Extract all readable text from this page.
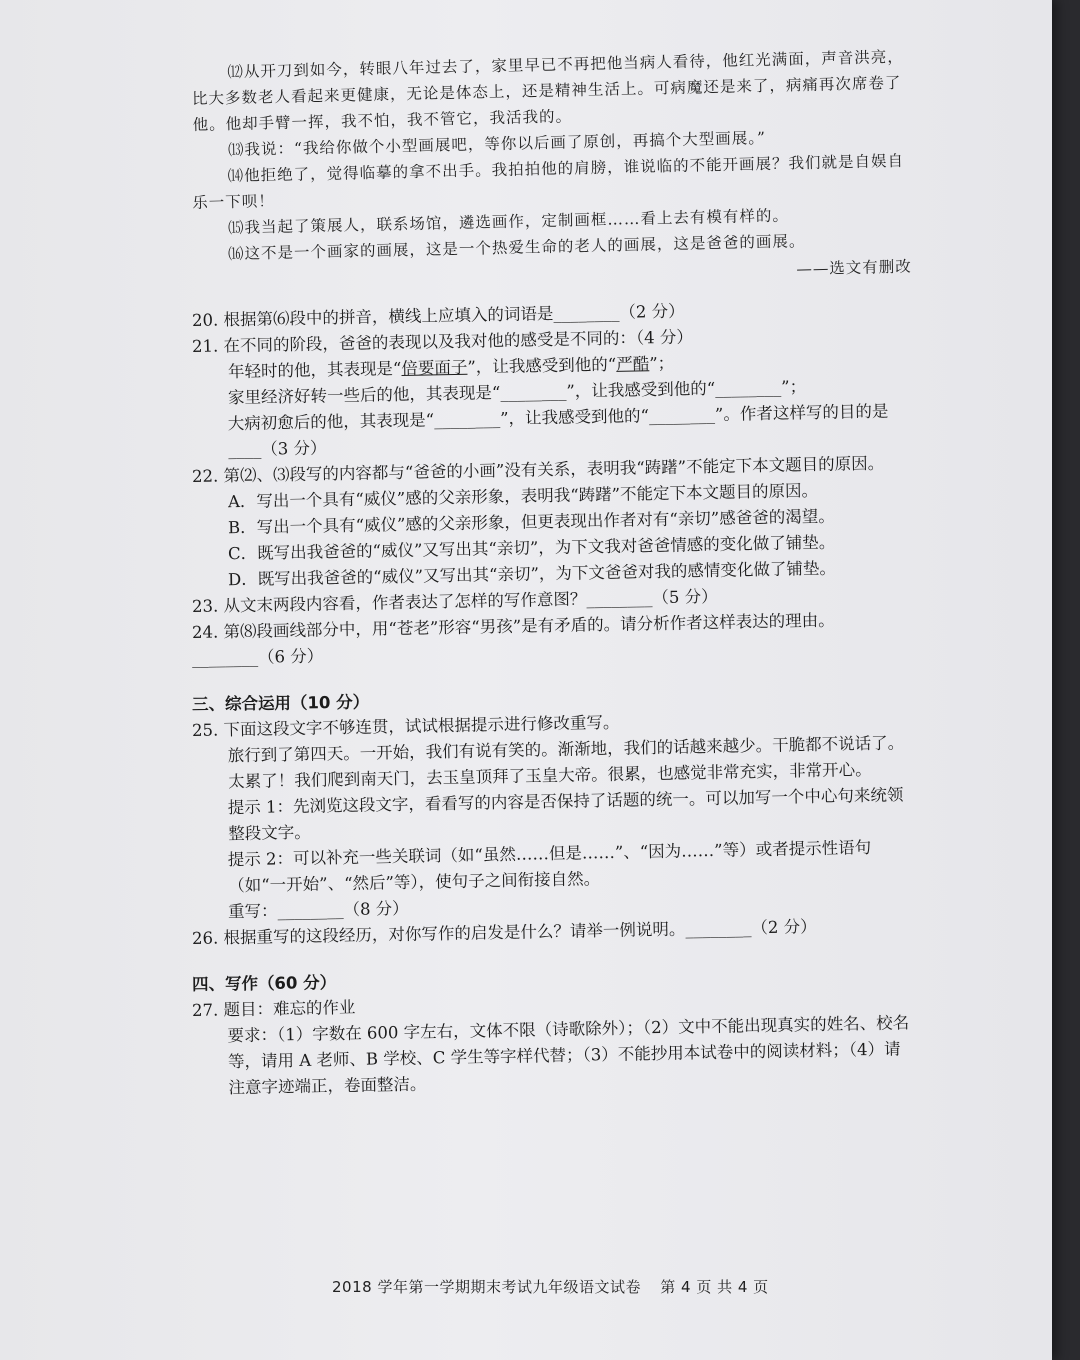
⑿从开刀到如今，转眼八年过去了，家里早已不再把他当病人看待，他红光满面，声音洪亮，比大多数老人看起来更健康，无论是体态上，还是精神生活上。可病魔还是来了，病痛再次席卷了他。他却手臂一挥，我不怕，我不管它，我活我的。

⒀我说：“我给你做个小型画展吧，等你以后画了原创，再搞个大型画展。”

⒁他拒绝了，觉得临摹的拿不出手。我拍拍他的肩膀，谁说临的不能开画展？我们就是自娱自乐一下呗！

⒂我当起了策展人，联系场馆，遴选画作，定制画框……看上去有模有样的。

⒃这不是一个画家的画展，这是一个热爱生命的老人的画展，这是爸爸的画展。

——选文有删改

20. 根据第⑹段中的拼音，横线上应填入的词语是________（2 分）

21. 在不同的阶段，爸爸的表现以及我对他的感受是不同的：（4 分）

年轻时的他，其表现是“倍要面子”，让我感受到他的“严酷”；

家里经济好转一些后的他，其表现是“________”，让我感受到他的“________”；

大病初愈后的他，其表现是“________”，让我感受到他的“________”。作者这样写的目的是____（3 分）

22. 第⑵、⑶段写的内容都与“爸爸的小画”没有关系，表明我“踌躇”不能定下本文题目的原因。

A．写出一个具有“威仪”感的父亲形象，表明我“踌躇”不能定下本文题目的原因。

B．写出一个具有“威仪”感的父亲形象，但更表现出作者对有“亲切”感爸爸的渴望。

C．既写出我爸爸的“威仪”又写出其“亲切”，为下文我对爸爸情感的变化做了铺垫。

D．既写出我爸爸的“威仪”又写出其“亲切”，为下文爸爸对我的感情变化做了铺垫。

23. 从文末两段内容看，作者表达了怎样的写作意图？________（5 分）

24. 第⑻段画线部分中，用“苍老”形容“男孩”是有矛盾的。请分析作者这样表达的理由。

________（6 分）

三、综合运用（10 分）

25. 下面这段文字不够连贯，试试根据提示进行修改重写。

旅行到了第四天。一开始，我们有说有笑的。渐渐地，我们的话越来越少。干脆都不说话了。太累了！我们爬到南天门，去玉皇顶拜了玉皇大帝。很累，也感觉非常充实，非常开心。

提示 1：先浏览这段文字，看看写的内容是否保持了话题的统一。可以加写一个中心句来统领整段文字。

提示 2：可以补充一些关联词（如“虽然……但是……”、“因为……”等）或者提示性语句（如“一开始”、“然后”等），使句子之间衔接自然。

重写：________（8 分）

26. 根据重写的这段经历，对你写作的启发是什么？请举一例说明。________（2 分）

四、写作（60 分）

27. 题目：难忘的作业

要求：（1）字数在 600 字左右，文体不限（诗歌除外）；（2）文中不能出现真实的姓名、校名等，请用 A 老师、B 学校、C 学生等字样代替；（3）不能抄用本试卷中的阅读材料；（4）请注意字迹端正，卷面整洁。

2018 学年第一学期期末考试九年级语文试卷 第 4 页 共 4 页
